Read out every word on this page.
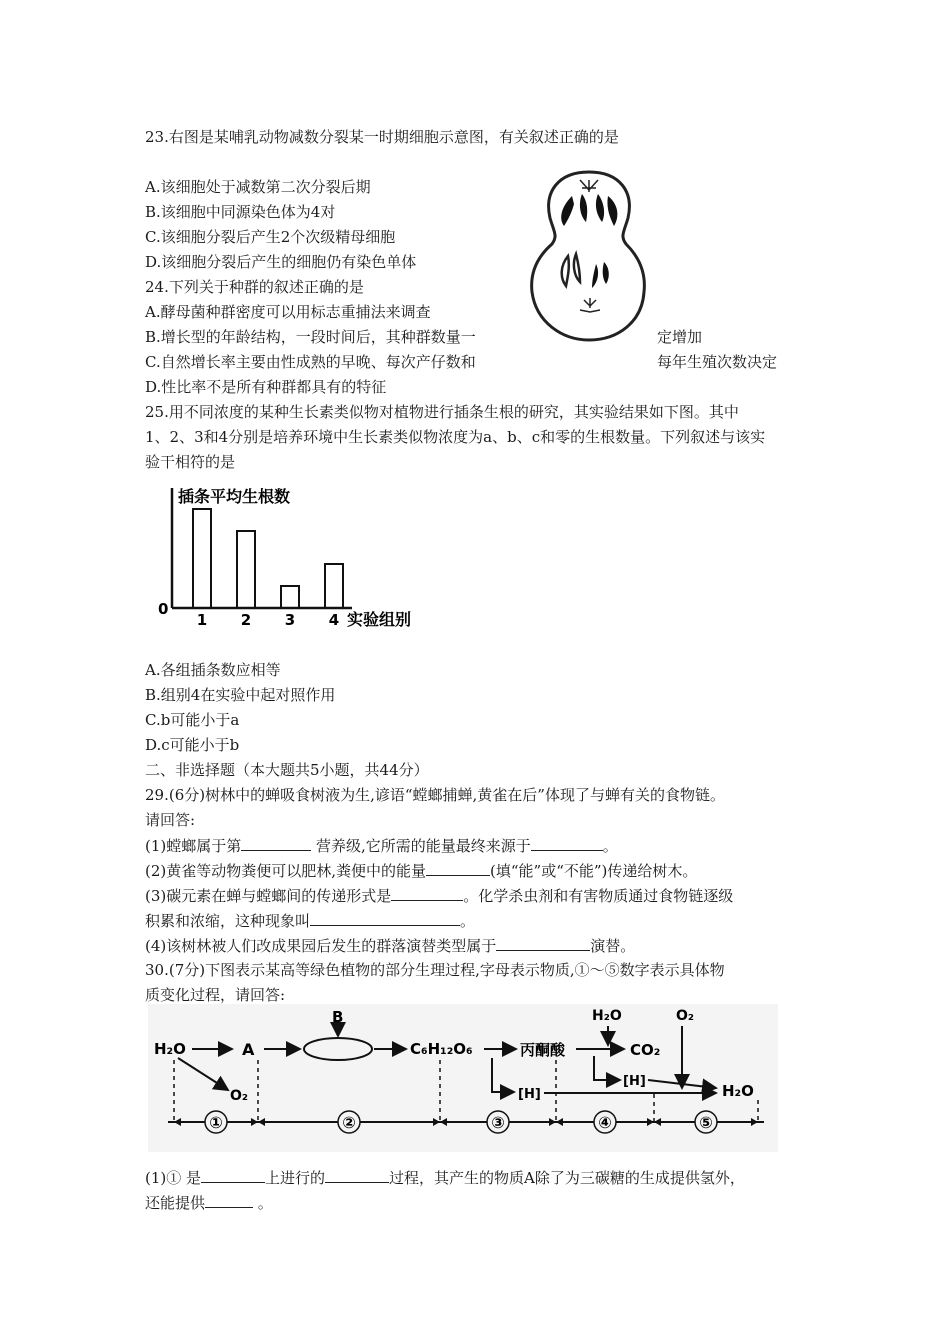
23.右图是某哺乳动物减数分裂某一时期细胞示意图，有关叙述正确的是
A.该细胞处于减数第二次分裂后期
B.该细胞中同源染色体为4对
C.该细胞分裂后产生2个次级精母细胞
D.该细胞分裂后产生的细胞仍有染色单体
24.下列关于种群的叙述正确的是
A.酵母菌种群密度可以用标志重捕法来调查
B.增长型的年龄结构，一段时间后，其种群数量一	定增加
C.自然增长率主要由性成熟的早晚、每次产仔数和	每年生殖次数决定
D.性比率不是所有种群都具有的特征
25.用不同浓度的某种生长素类似物对植物进行插条生根的研究，其实验结果如下图。其中
1、2、3和4分别是培养环境中生长素类似物浓度为a、b、c和零的生根数量。下列叙述与该实
验干相符的是
插条平均生根数
0
实验组别
1 2 3 4
A.各组插条数应相等
B.组别4在实验中起对照作用
C.b可能小于a
D.c可能小于b
二、非选择题（本大题共5小题，共44分）
29.(6分)树林中的蝉吸食树液为生,谚语“螳螂捕蝉,黄雀在后”体现了与蝉有关的食物链。
请回答:
(1)螳螂属于第	营养级,它所需的能量最终来源于	。
(2)黄雀等动物粪便可以肥林,粪便中的能量	(填“能”或“不能”)传递给树木。
(3)碳元素在蝉与螳螂间的传递形式是	。化学杀虫剂和有害物质通过食物链逐级
积累和浓缩，这种现象叫	。
(4)该树林被人们改成果园后发生的群落演替类型属于	演替。
30.(7分)下图表示某高等绿色植物的部分生理过程,字母表示物质,①～⑤数字表示具体物
质变化过程，请回答:
H₂O	A
B
C₆H₁₂O₆	丙酮酸	CO₂
H₂O	O₂
O₂
[H]
[H]	H₂O
①	②	③	④	⑤
(1)① 是	上进行的	过程，其产生的物质A除了为三碳糖的生成提供氢外，
还能提供	。
